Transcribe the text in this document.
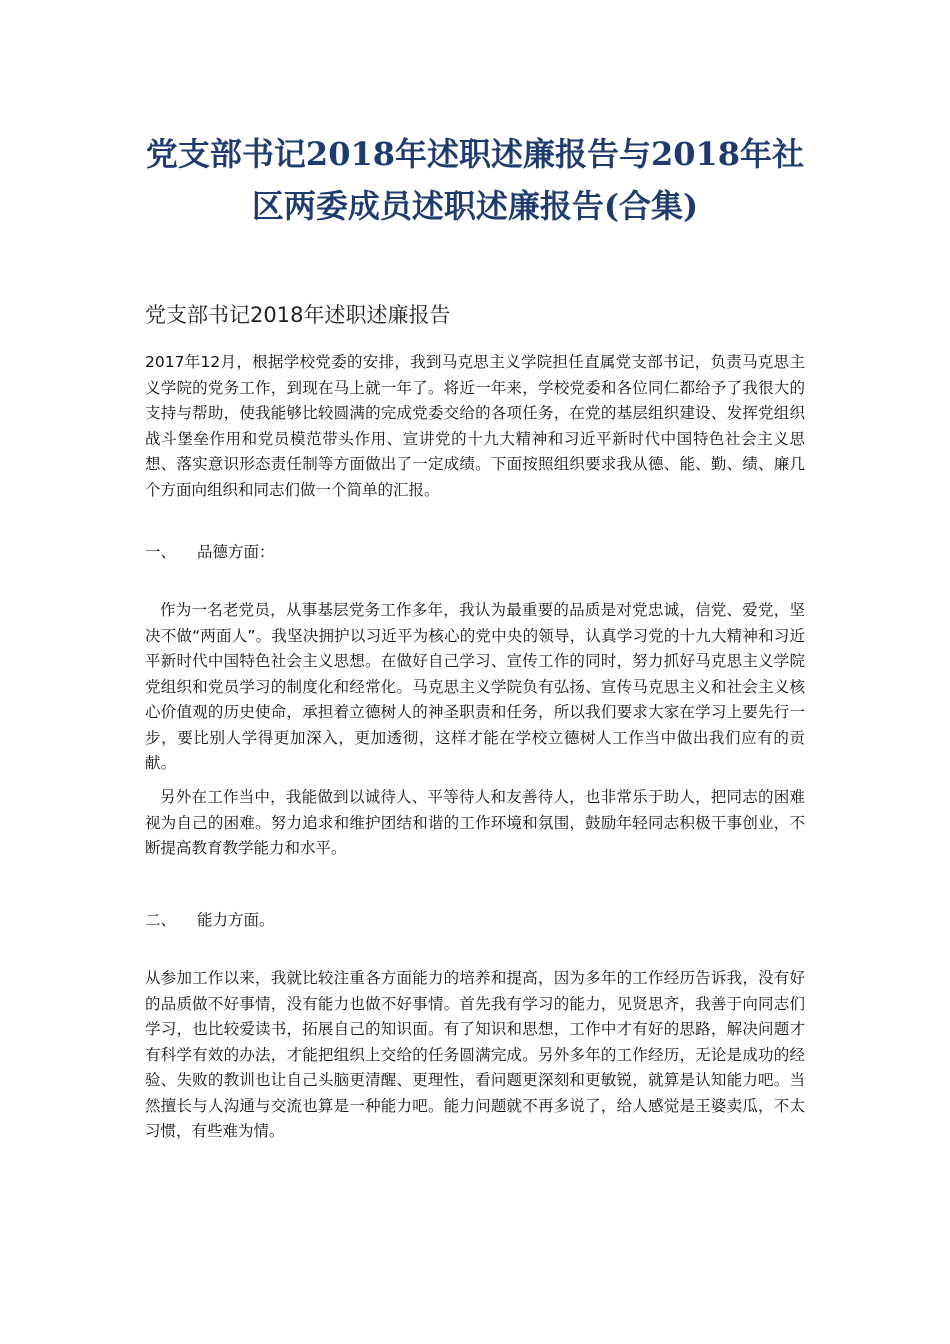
党支部书记2018年述职述廉报告与2018年社
区两委成员述职述廉报告(合集)
党支部书记2018年述职述廉报告

2017年12月，根据学校党委的安排，我到马克思主义学院担任直属党支部书记，负责马克思主义学院的党务工作，到现在马上就一年了。将近一年来，学校党委和各位同仁都给予了我很大的支持与帮助，使我能够比较圆满的完成党委交给的各项任务，在党的基层组织建设、发挥党组织战斗堡垒作用和党员模范带头作用、宣讲党的十九大精神和习近平新时代中国特色社会主义思想、落实意识形态责任制等方面做出了一定成绩。下面按照组织要求我从德、能、勤、绩、廉几个方面向组织和同志们做一个简单的汇报。

一、 品德方面：

作为一名老党员，从事基层党务工作多年，我认为最重要的品质是对党忠诚，信党、爱党，坚决不做“两面人”。我坚决拥护以习近平为核心的党中央的领导，认真学习党的十九大精神和习近平新时代中国特色社会主义思想。在做好自己学习、宣传工作的同时，努力抓好马克思主义学院党组织和党员学习的制度化和经常化。马克思主义学院负有弘扬、宣传马克思主义和社会主义核心价值观的历史使命，承担着立德树人的神圣职责和任务，所以我们要求大家在学习上要先行一步，要比别人学得更加深入，更加透彻，这样才能在学校立德树人工作当中做出我们应有的贡献。

另外在工作当中，我能做到以诚待人、平等待人和友善待人，也非常乐于助人，把同志的困难视为自己的困难。努力追求和维护团结和谐的工作环境和氛围，鼓励年轻同志积极干事创业，不断提高教育教学能力和水平。

二、 能力方面。

从参加工作以来，我就比较注重各方面能力的培养和提高，因为多年的工作经历告诉我，没有好的品质做不好事情，没有能力也做不好事情。首先我有学习的能力，见贤思齐，我善于向同志们学习，也比较爱读书，拓展自己的知识面。有了知识和思想，工作中才有好的思路，解决问题才有科学有效的办法，才能把组织上交给的任务圆满完成。另外多年的工作经历，无论是成功的经验、失败的教训也让自己头脑更清醒、更理性，看问题更深刻和更敏锐，就算是认知能力吧。当然擅长与人沟通与交流也算是一种能力吧。能力问题就不再多说了，给人感觉是王婆卖瓜，不太习惯，有些难为情。
